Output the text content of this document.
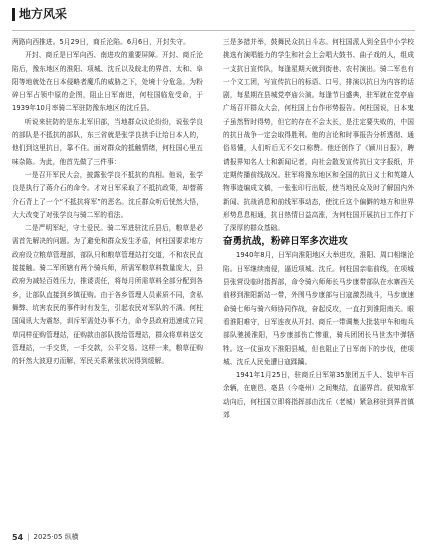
地方风采

两路向西推进。5月29日，商丘沦陷。6月6日，开封失守。

开封、商丘是日军向西、南进攻的重要屏障。开封、商丘沦陷后，豫东地区的淮阳、项城、沈丘以及皖北的界首、太和、阜阳等地就处在日本侵略者魔爪的威胁之下，处境十分危急。为粉碎日军占领中原的企图，阻止日军南进，何柱国临危受命，于1939年10月率骑二军驻防豫东地区的沈丘县。

听说来驻防的是东北军旧部，当地群众议论纷纷，说张学良的部队是不抵抗的部队，东三省就是张学良拱手让给日本人的，他们到这里抗日，靠不住。面对群众的抵触情绪，何柱国心里五味杂陈。为此，他首先做了三件事：

一是召开军民大会，披露张学良不抵抗的真相。他说，张学良是执行了蒋介石的命令。才对日军采取了不抵抗政策，却替蒋介石背上了一个“不抵抗将军”的恶名。沈丘群众听后恍然大悟，大大改变了对张学良与骑二军的看法。

二是严明军纪，守土爱民。骑二军进驻沈丘县后，粮草是必需首先解决的问题。为了避免和群众发生矛盾，何柱国要求地方政府设立粮草管理部，部队只和粮草管理站打交道，不和农民直接接触。骑二军所辖有两个骑兵师，所需军粮草料数量庞大，县政府为减轻百姓压力，推诿责任，将每月所需草料全部分配到各乡，让部队直接到乡镇征购。由于各乡管理人员素质不同，贪私舞弊、坑害农民的事件时有发生，引起农民对军队的不满。何柱国闻讯大为震怒，训斥军需处办事不力，命令县政府迅速成立同草同样征购管理站，征购款由部队拨给管理站，群众将草料送交管理站，一手交货，一手交款，公平交易。这样一来，粮草征购的轩然大波迎刃而解，军民关系紧张状况得到缓解。

三是多措并举，鼓舞民众抗日斗志。何柱国派人到全县中小学校挑选有演唱能力的学生和社会上会唱大鼓书、曲子戏的人，组成一支抗日宣传队，每逢星期天就到街巷、农村演出。骑二军也有一个文工团，写宣传抗日的标语、口号，排演以抗日为内容的话剧，每星期在县城党亭庙公演。每逢节日盛典，驻军就在党亭庙广场召开群众大会，何柱国上台作形势报告。何柱国说，日本鬼子虽然暂时得势，但它的存在不会太长，是注定要失败的，中国的抗日战争一定会取得胜利。他的言论和时事报告分析透彻、通俗易懂，人们听后无不交口称赞。他还创作了《颍川日报》，聘请报界知名人士和新闻记者，向社会散发宣传抗日文字报纸，并定期传播前线战况。驻军将豫东地区和全国的抗日义士和英雄人物事迹编成文稿，一张张印行出版，使当地民众及时了解国内外新闻、抗战消息和前线军事动态，使沈丘这个偏僻的地方和世界形势息息相通，抗日热情日益高涨，为何柱国开展抗日工作打下了深厚的群众基础。

奋勇抗战，粉碎日军多次进攻

1940年8月，日军向淮阳地区大举进攻，淮阳、周口相继沦陷。日军继续南侵，逼近项城、沈丘。何柱国亲临前线，在项城县张营设临时指挥部，命令骑六师师长马步康带部队在水寨西关前移到淮阳新站一带，外围马步康部与日寇激烈战斗，马步康速命骑七师与骑六师协同作战，奋起反攻，一直打到淮阳南关。眼看淮阳难守，日军连夜从开封、商丘一带调集大批装甲车和炮兵部队驰援淮阳，马步康部伤亡惨重，骑兵团团长马世杰中弹牺牲。这一仗虽攻下淮阳县城，但也阻止了日军南下的步伐，使项城、沈丘人民免遭日寇蹂躏。

1941年1月25日，驻商丘日军第35旅团五千人、装甲车百余辆，在鹿邑、亳县（今亳州）之间集结，直逼界首。获知敌军动向后，何柱国立即将指挥部由沈丘（老城）紧急移驻到界首镇郊

54 | 2025·05 纵横
